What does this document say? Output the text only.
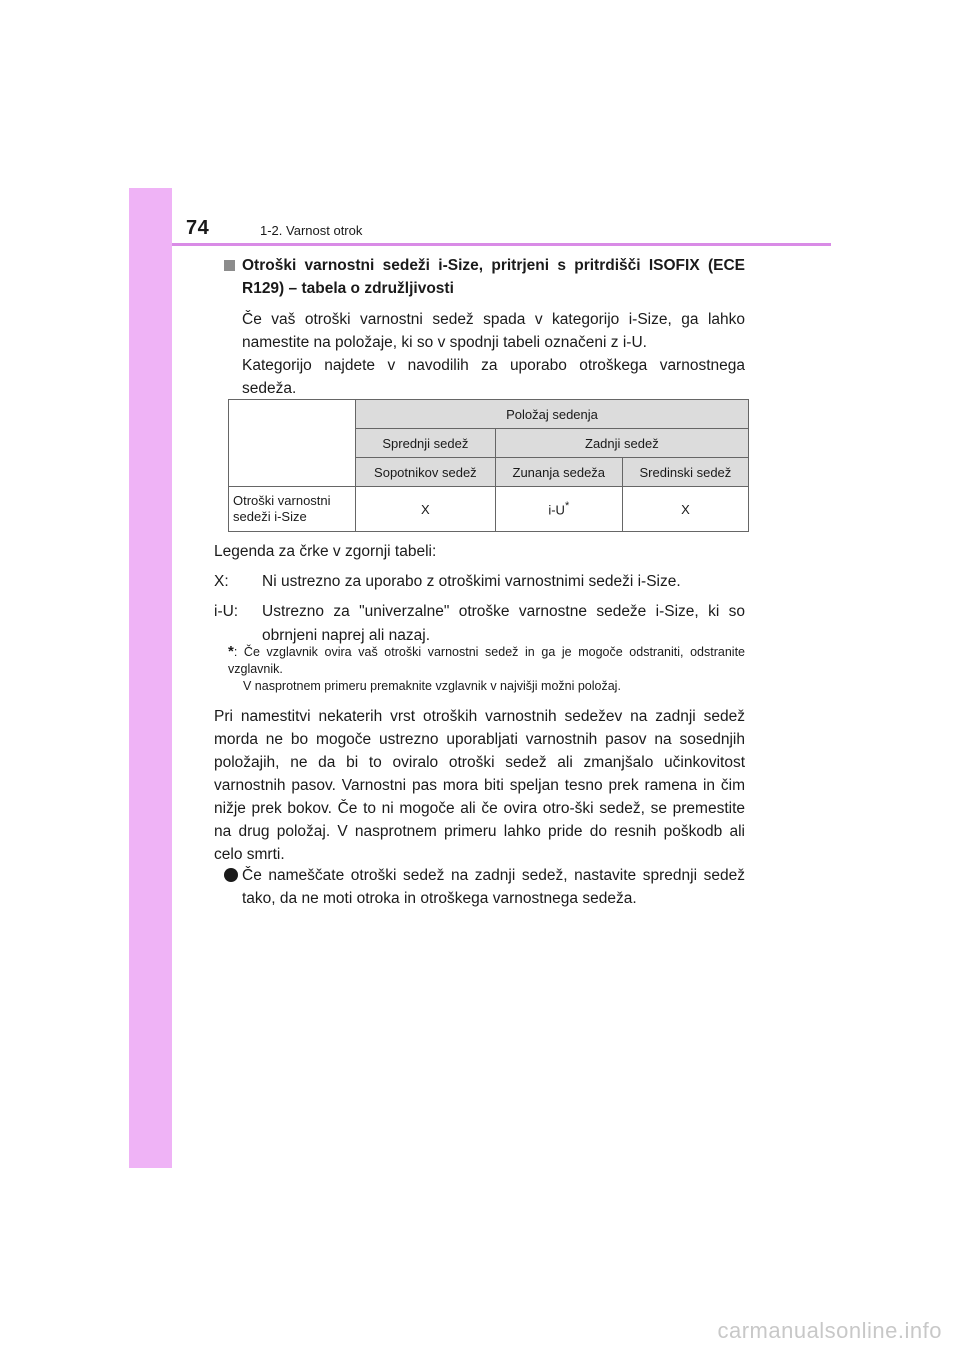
74	1-2. Varnost otrok
Otroški varnostni sedeži i-Size, pritrjeni s pritrdišči ISOFIX (ECE R129) – tabela o združljivosti

Če vaš otroški varnostni sedež spada v kategorijo i-Size, ga lahko namestite na položaje, ki so v spodnji tabeli označeni z i-U.

Kategorijo najdete v navodilih za uporabo otroškega varnostnega sedeža.

	Položaj sedenja		
	Sprednji sedež	Zadnji sedež	
	Sopotnikov sedež	Zunanja sedeža	Sredinski sedež
Otroški varnostni sedeži i-Size	X	i-U*	X

Legenda za črke v zgornji tabeli:

X:	Ni ustrezno za uporabo z otroškimi varnostnimi sedeži i-Size.
i-U:	Ustrezno za "univerzalne" otroške varnostne sedeže i-Size, ki so obrnjeni naprej ali nazaj.
*: Če vzglavnik ovira vaš otroški varnostni sedež in ga je mogoče odstraniti, odstranite vzglavnik.
V nasprotnem primeru premaknite vzglavnik v najvišji možni položaj.

Pri namestitvi nekaterih vrst otroških varnostnih sedežev na zadnji sedež morda ne bo mogoče ustrezno uporabljati varnostnih pasov na sosednjih položajih, ne da bi to oviralo otroški sedež ali zmanjšalo učinkovitost varnostnih pasov. Varnostni pas mora biti speljan tesno prek ramena in čim nižje prek bokov. Če to ni mogoče ali če ovira otro-ški sedež, se premestite na drug položaj. V nasprotnem primeru lahko pride do resnih poškodb ali celo smrti.

Če nameščate otroški sedež na zadnji sedež, nastavite sprednji sedež tako, da ne moti otroka in otroškega varnostnega sedeža.

carmanualsonline.info
